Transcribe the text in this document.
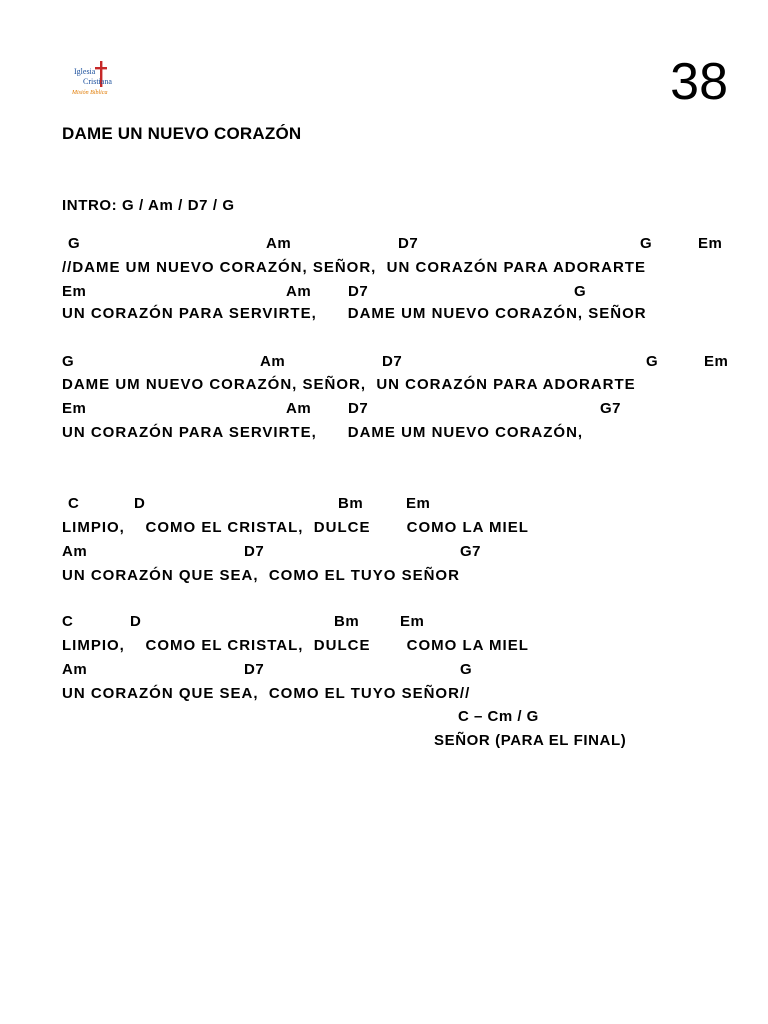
Iglesia
Cristiana
Misión Bíblica	38
DAME UN NUEVO CORAZÓN
INTRO: G / Am / D7 / G
G	Am	D7	G	Em
//DAME UM NUEVO CORAZÓN, SEÑOR,  UN CORAZÓN PARA ADORARTE
Em	Am D7	G
UN CORAZÓN PARA SERVIRTE,      DAME UM NUEVO CORAZÓN, SEÑOR
G	Am	D7	G	Em
DAME UM NUEVO CORAZÓN, SEÑOR,  UN CORAZÓN PARA ADORARTE
Em	Am D7	G7
UN CORAZÓN PARA SERVIRTE,      DAME UM NUEVO CORAZÓN,
C	D	Bm	Em
LIMPIO,    COMO EL CRISTAL,  DULCE       COMO LA MIEL
Am	D7	G7
UN CORAZÓN QUE SEA,  COMO EL TUYO SEÑOR
C	D	Bm	Em
LIMPIO,    COMO EL CRISTAL,  DULCE       COMO LA MIEL
Am	D7	G
UN CORAZÓN QUE SEA,  COMO EL TUYO SEÑOR//
C – Cm / G
SEÑOR (PARA EL FINAL)
